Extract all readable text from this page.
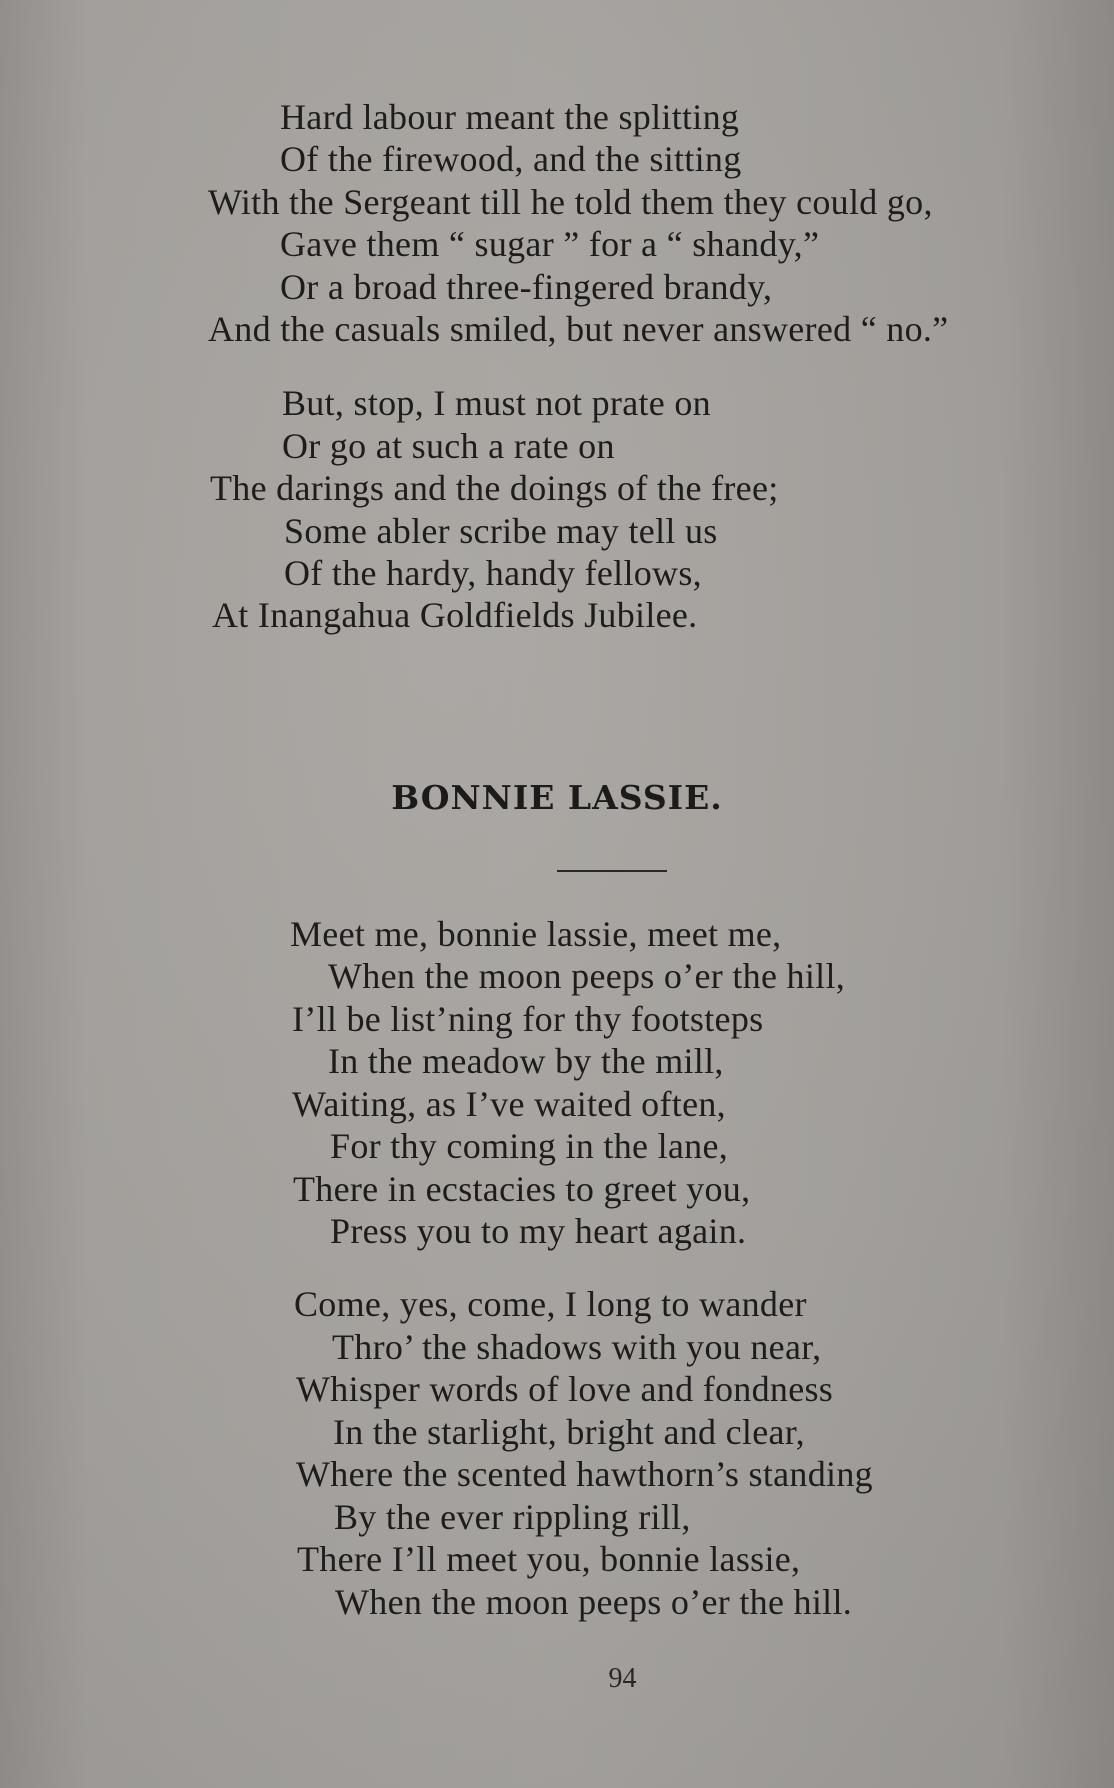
Hard labour meant the splitting
Of the firewood, and the sitting
With the Sergeant till he told them they could go,
Gave them “ sugar ” for a “ shandy,”
Or a broad three-fingered brandy,
And the casuals smiled, but never answered “ no.”
But, stop, I must not prate on
Or go at such a rate on
The darings and the doings of the free;
Some abler scribe may tell us
Of the hardy, handy fellows,
At Inangahua Goldfields Jubilee.
BONNIE LASSIE.
Meet me, bonnie lassie, meet me,
When the moon peeps o’er the hill,
I’ll be list’ning for thy footsteps
In the meadow by the mill,
Waiting, as I’ve waited often,
For thy coming in the lane,
There in ecstacies to greet you,
Press you to my heart again.
Come, yes, come, I long to wander
Thro’ the shadows with you near,
Whisper words of love and fondness
In the starlight, bright and clear,
Where the scented hawthorn’s standing
By the ever rippling rill,
There I’ll meet you, bonnie lassie,
When the moon peeps o’er the hill.
94
